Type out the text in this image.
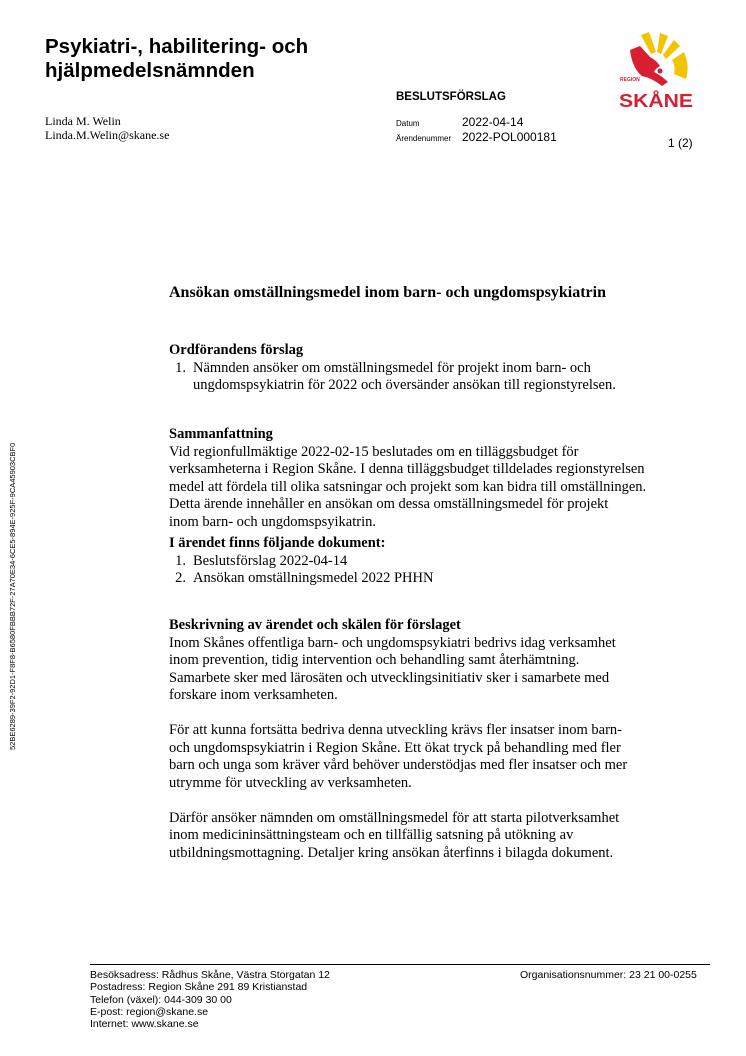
Psykiatri-, habilitering- och
hjälpmedelsnämnden
Linda M. Welin
Linda.M.Welin@skane.se
BESLUTSFÖRSLAG
Datum	2022-04-14
Ärendenummer 2022-POL000181	1 (2)
REGION
SKÅNE
52BE6289-39F2-92D1-F8F8-B6580FBBB72F-27A70E34-6CE5-894E-925F-9CA45903CBF0
Ansökan omställningsmedel inom barn- och ungdomspsykiatrin
Ordförandens förslag
1. Nämnden ansöker om omställningsmedel för projekt inom barn- och
ungdomspsykiatrin för 2022 och översänder ansökan till regionstyrelsen.
Sammanfattning

Vid regionfullmäktige 2022-02-15 beslutades om en tilläggsbudget för
verksamheterna i Region Skåne. I denna tilläggsbudget tilldelades regionstyrelsen
medel att fördela till olika satsningar och projekt som kan bidra till omställningen.
Detta ärende innehåller en ansökan om dessa omställningsmedel för projekt
inom barn- och ungdomspsyikatrin.

I ärendet finns följande dokument:
1. Beslutsförslag 2022-04-14
2. Ansökan omställningsmedel 2022 PHHN
Beskrivning av ärendet och skälen för förslaget

Inom Skånes offentliga barn- och ungdomspsykiatri bedrivs idag verksamhet
inom prevention, tidig intervention och behandling samt återhämtning.
Samarbete sker med lärosäten och utvecklingsinitiativ sker i samarbete med
forskare inom verksamheten.

För att kunna fortsätta bedriva denna utveckling krävs fler insatser inom barn-
och ungdomspsykiatrin i Region Skåne. Ett ökat tryck på behandling med fler
barn och unga som kräver vård behöver understödjas med fler insatser och mer
utrymme för utveckling av verksamheten.

Därför ansöker nämnden om omställningsmedel för att starta pilotverksamhet
inom medicininsättningsteam och en tillfällig satsning på utökning av
utbildningsmottagning. Detaljer kring ansökan återfinns i bilagda dokument.

Besöksadress: Rådhus Skåne, Västra Storgatan 12
Postadress: Region Skåne 291 89 Kristianstad
Telefon (växel): 044-309 30 00
E-post: region@skane.se
Internet: www.skane.se
Organisationsnummer: 23 21 00-0255
